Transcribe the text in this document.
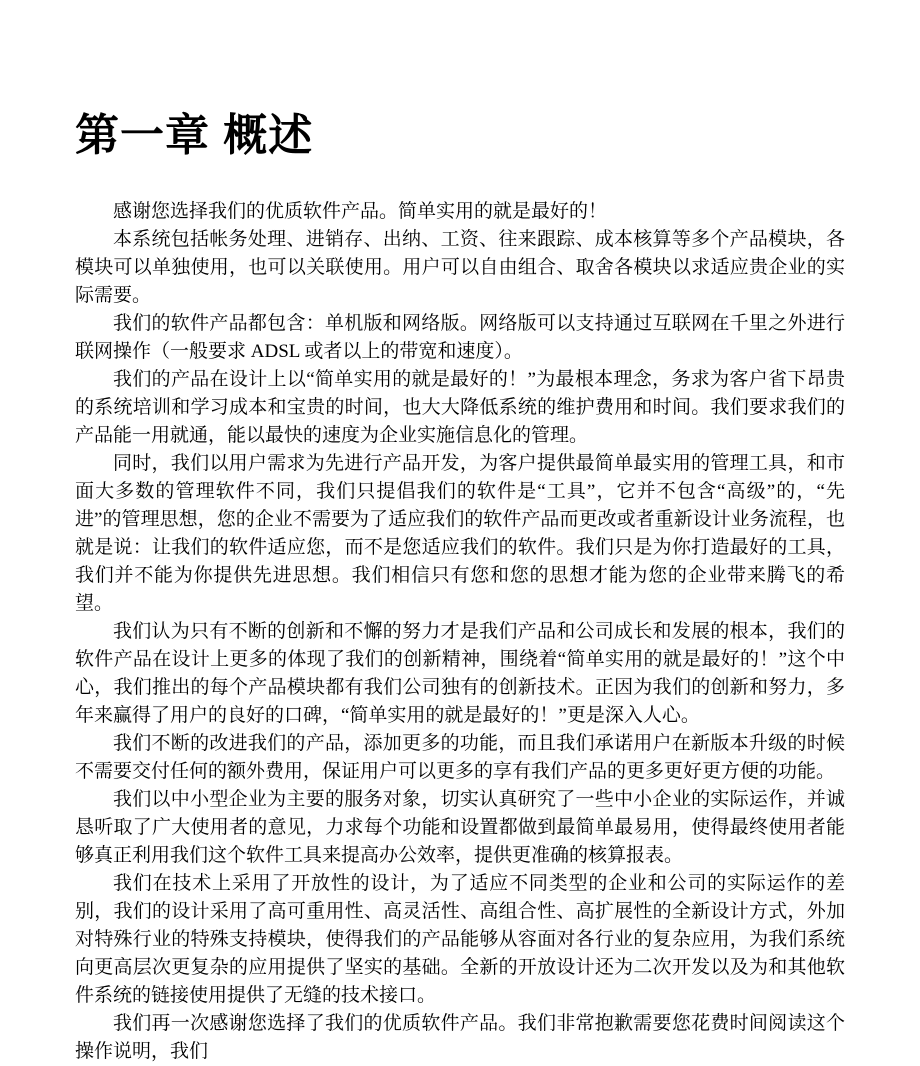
第一章 概述

感谢您选择我们的优质软件产品。简单实用的就是最好的！

本系统包括帐务处理、进销存、出纳、工资、往来跟踪、成本核算等多个产品模块，各模块可以单独使用，也可以关联使用。用户可以自由组合、取舍各模块以求适应贵企业的实际需要。

我们的软件产品都包含：单机版和网络版。网络版可以支持通过互联网在千里之外进行联网操作（一般要求 ADSL 或者以上的带宽和速度）。

我们的产品在设计上以“简单实用的就是最好的！”为最根本理念，务求为客户省下昂贵的系统培训和学习成本和宝贵的时间，也大大降低系统的维护费用和时间。我们要求我们的产品能一用就通，能以最快的速度为企业实施信息化的管理。

同时，我们以用户需求为先进行产品开发，为客户提供最简单最实用的管理工具，和市面大多数的管理软件不同，我们只提倡我们的软件是“工具”，它并不包含“高级”的，“先进”的管理思想，您的企业不需要为了适应我们的软件产品而更改或者重新设计业务流程，也就是说：让我们的软件适应您，而不是您适应我们的软件。我们只是为你打造最好的工具，我们并不能为你提供先进思想。我们相信只有您和您的思想才能为您的企业带来腾飞的希望。

我们认为只有不断的创新和不懈的努力才是我们产品和公司成长和发展的根本，我们的软件产品在设计上更多的体现了我们的创新精神，围绕着“简单实用的就是最好的！”这个中心，我们推出的每个产品模块都有我们公司独有的创新技术。正因为我们的创新和努力，多年来赢得了用户的良好的口碑，“简单实用的就是最好的！”更是深入人心。

我们不断的改进我们的产品，添加更多的功能，而且我们承诺用户在新版本升级的时候不需要交付任何的额外费用，保证用户可以更多的享有我们产品的更多更好更方便的功能。

我们以中小型企业为主要的服务对象，切实认真研究了一些中小企业的实际运作，并诚恳听取了广大使用者的意见，力求每个功能和设置都做到最简单最易用，使得最终使用者能够真正利用我们这个软件工具来提高办公效率，提供更准确的核算报表。

我们在技术上采用了开放性的设计，为了适应不同类型的企业和公司的实际运作的差别，我们的设计采用了高可重用性、高灵活性、高组合性、高扩展性的全新设计方式，外加对特殊行业的特殊支持模块，使得我们的产品能够从容面对各行业的复杂应用，为我们系统向更高层次更复杂的应用提供了坚实的基础。全新的开放设计还为二次开发以及为和其他软件系统的链接使用提供了无缝的技术接口。

我们再一次感谢您选择了我们的优质软件产品。我们非常抱歉需要您花费时间阅读这个操作说明，我们
